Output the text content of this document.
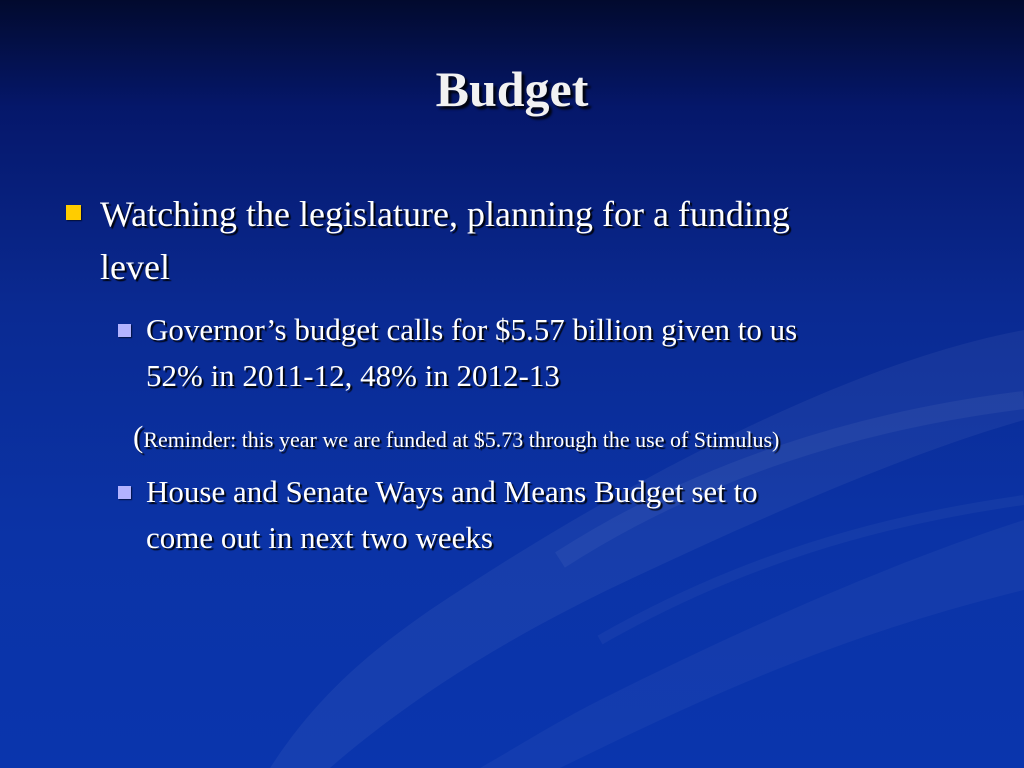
Budget
Watching the legislature, planning for a funding
level
Governor’s budget calls for $5.57 billion given to us
52% in 2011-12, 48% in 2012-13
(Reminder: this year we are funded at $5.73 through the use of Stimulus)
House and Senate Ways and Means Budget set to
come out in next two weeks
